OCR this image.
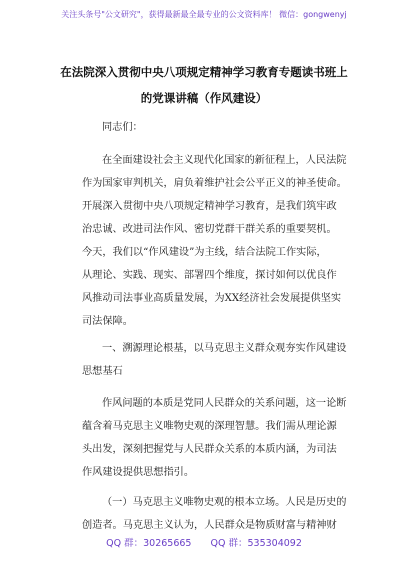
关注头条号"公文研究"，获得最新最全最专业的公文资料库！ 微信：gongwenyj
在法院深入贯彻中央八项规定精神学习教育专题读书班上
的党课讲稿（作风建设）
同志们：
在全面建设社会主义现代化国家的新征程上，人民法院
作为国家审判机关，肩负着维护社会公平正义的神圣使命。
开展深入贯彻中央八项规定精神学习教育，是我们筑牢政
治忠诚、改进司法作风、密切党群干群关系的重要契机。
今天，我们以“作风建设”为主线，结合法院工作实际，
从理论、实践、现实、部署四个维度，探讨如何以优良作
风推动司法事业高质量发展，为XX经济社会发展提供坚实
司法保障。
一、溯源理论根基，以马克思主义群众观夯实作风建设
思想基石
作风问题的本质是党同人民群众的关系问题，这一论断
蕴含着马克思主义唯物史观的深理智慧。我们需从理论源
头出发，深刻把握党与人民群众关系的本质内涵，为司法
作风建设提供思想指引。
（一）马克思主义唯物史观的根本立场。人民是历史的
创造者。马克思主义认为，人民群众是物质财富与精神财
QQ 群：30265665 QQ 群：535304092
